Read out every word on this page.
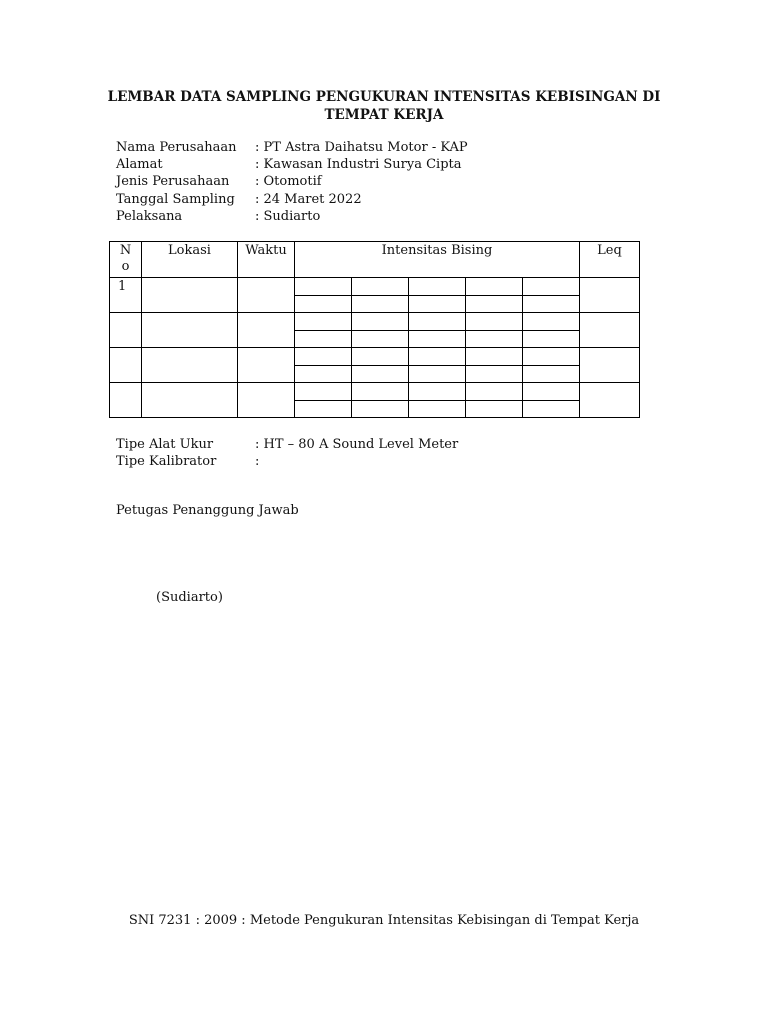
LEMBAR DATA SAMPLING PENGUKURAN INTENSITAS KEBISINGAN DI
TEMPAT KERJA
Nama Perusahaan	: PT Astra Daihatsu Motor - KAP
Alamat	: Kawasan Industri Surya Cipta
Jenis Perusahaan	: Otomotif
Tanggal Sampling	: 24 Maret 2022
Pelaksana	: Sudiarto
N
o	Lokasi	Waktu	Intensitas Bising					Leq
1								

Tipe Alat Ukur	: HT – 80 A Sound Level Meter
Tipe Kalibrator	:
Petugas Penanggung Jawab
(Sudiarto)
SNI 7231 : 2009 : Metode Pengukuran Intensitas Kebisingan di Tempat Kerja
